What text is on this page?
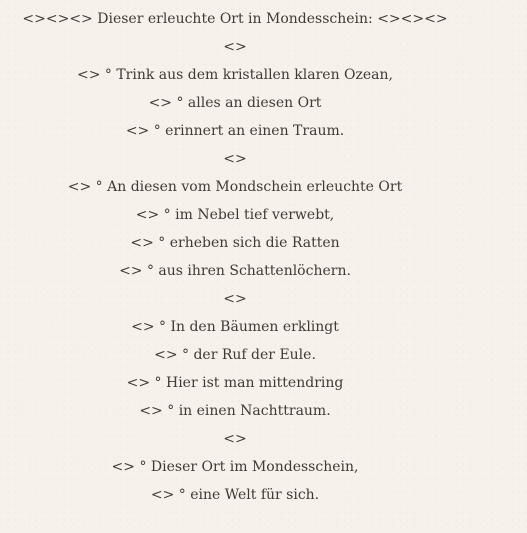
<><><> Dieser erleuchte Ort in Mondesschein: <><><>
<>
<> ° Trink aus dem kristallen klaren Ozean,
<> ° alles an diesen Ort
<> ° erinnert an einen Traum.
<>
<> ° An diesen vom Mondschein erleuchte Ort
<> ° im Nebel tief verwebt,
<> ° erheben sich die Ratten
<> ° aus ihren Schattenlöchern.
<>
<> ° In den Bäumen erklingt
<> ° der Ruf der Eule.
<> ° Hier ist man mittendring
<> ° in einen Nachttraum.
<>
<> ° Dieser Ort im Mondesschein,
<> ° eine Welt für sich.
